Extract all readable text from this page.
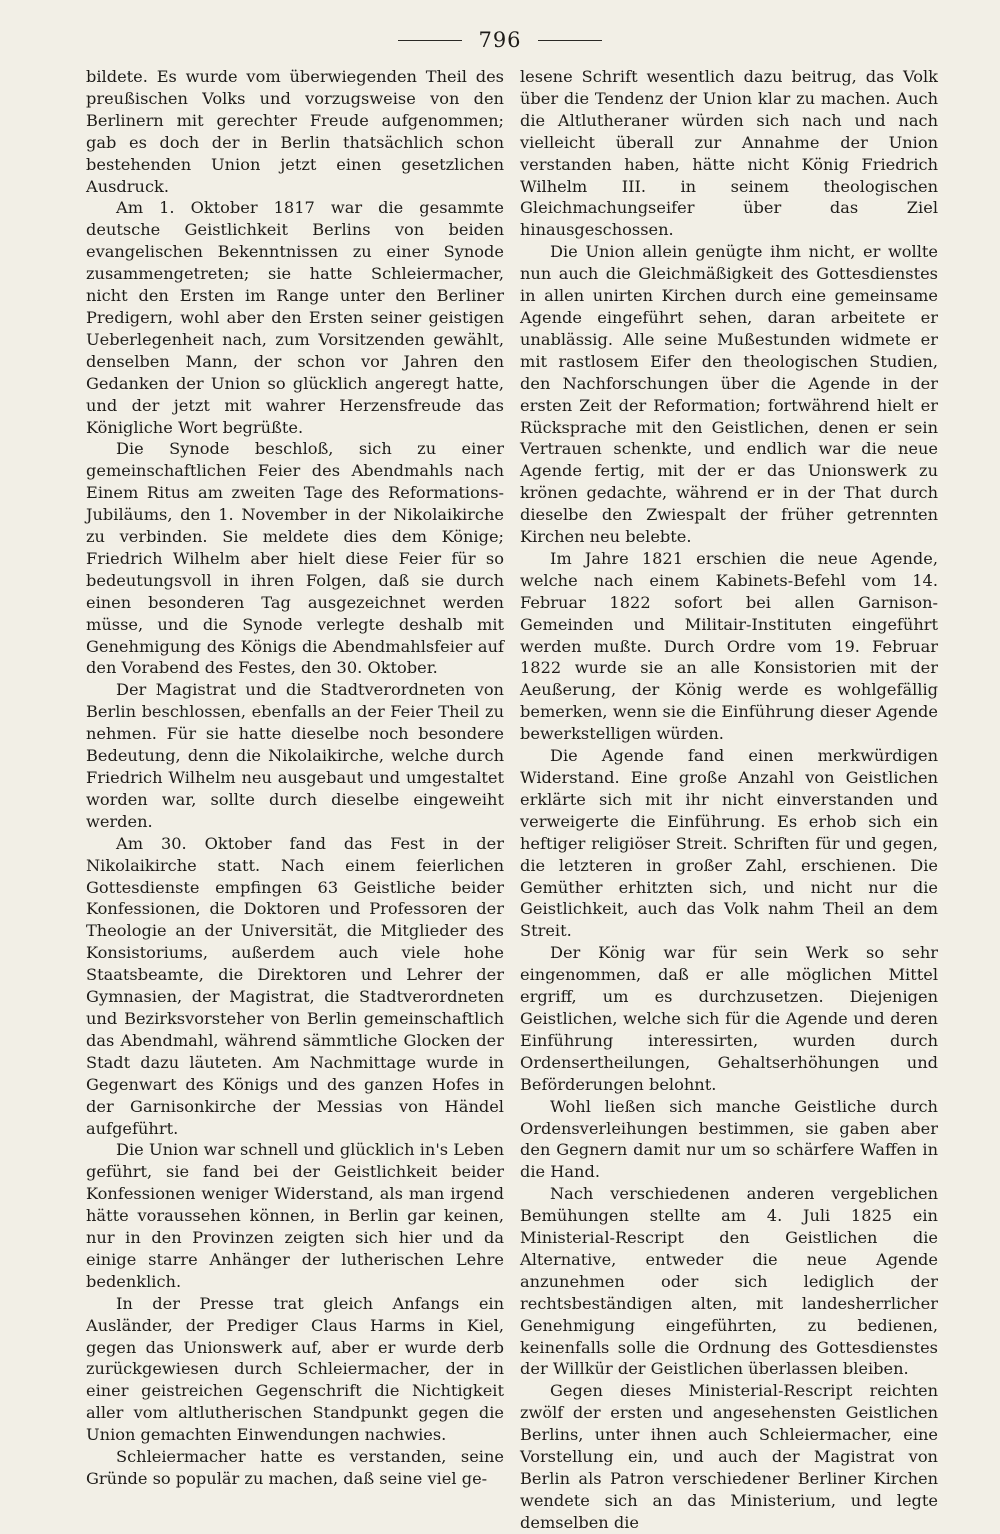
796

bildete. Es wurde vom überwiegenden Theil des preußischen Volks und vorzugsweise von den Berlinern mit gerechter Freude aufgenommen; gab es doch der in Berlin thatsächlich schon bestehenden Union jetzt einen gesetzlichen Ausdruck.

Am 1. Oktober 1817 war die gesammte deutsche Geistlichkeit Berlins von beiden evangelischen Bekenntnissen zu einer Synode zusammengetreten; sie hatte Schleiermacher, nicht den Ersten im Range unter den Berliner Predigern, wohl aber den Ersten seiner geistigen Ueberlegenheit nach, zum Vorsitzenden gewählt, denselben Mann, der schon vor Jahren den Gedanken der Union so glücklich angeregt hatte, und der jetzt mit wahrer Herzensfreude das Königliche Wort begrüßte.

Die Synode beschloß, sich zu einer gemeinschaftlichen Feier des Abendmahls nach Einem Ritus am zweiten Tage des Reformations-Jubiläums, den 1. November in der Nikolaikirche zu verbinden. Sie meldete dies dem Könige; Friedrich Wilhelm aber hielt diese Feier für so bedeutungsvoll in ihren Folgen, daß sie durch einen besonderen Tag ausgezeichnet werden müsse, und die Synode verlegte deshalb mit Genehmigung des Königs die Abendmahlsfeier auf den Vorabend des Festes, den 30. Oktober.

Der Magistrat und die Stadtverordneten von Berlin beschlossen, ebenfalls an der Feier Theil zu nehmen. Für sie hatte dieselbe noch besondere Bedeutung, denn die Nikolaikirche, welche durch Friedrich Wilhelm neu ausgebaut und umgestaltet worden war, sollte durch dieselbe eingeweiht werden.

Am 30. Oktober fand das Fest in der Nikolaikirche statt. Nach einem feierlichen Gottesdienste empfingen 63 Geistliche beider Konfessionen, die Doktoren und Professoren der Theologie an der Universität, die Mitglieder des Konsistoriums, außerdem auch viele hohe Staatsbeamte, die Direktoren und Lehrer der Gymnasien, der Magistrat, die Stadtverordneten und Bezirksvorsteher von Berlin gemeinschaftlich das Abendmahl, während sämmtliche Glocken der Stadt dazu läuteten. Am Nachmittage wurde in Gegenwart des Königs und des ganzen Hofes in der Garnisonkirche der Messias von Händel aufgeführt.

Die Union war schnell und glücklich in's Leben geführt, sie fand bei der Geistlichkeit beider Konfessionen weniger Widerstand, als man irgend hätte voraussehen können, in Berlin gar keinen, nur in den Provinzen zeigten sich hier und da einige starre Anhänger der lutherischen Lehre bedenklich.

In der Presse trat gleich Anfangs ein Ausländer, der Prediger Claus Harms in Kiel, gegen das Unionswerk auf, aber er wurde derb zurückgewiesen durch Schleiermacher, der in einer geistreichen Gegenschrift die Nichtigkeit aller vom altlutherischen Standpunkt gegen die Union gemachten Einwendungen nachwies.

Schleiermacher hatte es verstanden, seine Gründe so populär zu machen, daß seine viel ge-

lesene Schrift wesentlich dazu beitrug, das Volk über die Tendenz der Union klar zu machen. Auch die Altlutheraner würden sich nach und nach vielleicht überall zur Annahme der Union verstanden haben, hätte nicht König Friedrich Wilhelm III. in seinem theologischen Gleichmachungseifer über das Ziel hinausgeschossen.

Die Union allein genügte ihm nicht, er wollte nun auch die Gleichmäßigkeit des Gottesdienstes in allen unirten Kirchen durch eine gemeinsame Agende eingeführt sehen, daran arbeitete er unablässig. Alle seine Mußestunden widmete er mit rastlosem Eifer den theologischen Studien, den Nachforschungen über die Agende in der ersten Zeit der Reformation; fortwährend hielt er Rücksprache mit den Geistlichen, denen er sein Vertrauen schenkte, und endlich war die neue Agende fertig, mit der er das Unionswerk zu krönen gedachte, während er in der That durch dieselbe den Zwiespalt der früher getrennten Kirchen neu belebte.

Im Jahre 1821 erschien die neue Agende, welche nach einem Kabinets-Befehl vom 14. Februar 1822 sofort bei allen Garnison-Gemeinden und Militair-Instituten eingeführt werden mußte. Durch Ordre vom 19. Februar 1822 wurde sie an alle Konsistorien mit der Aeußerung, der König werde es wohlgefällig bemerken, wenn sie die Einführung dieser Agende bewerkstelligen würden.

Die Agende fand einen merkwürdigen Widerstand. Eine große Anzahl von Geistlichen erklärte sich mit ihr nicht einverstanden und verweigerte die Einführung. Es erhob sich ein heftiger religiöser Streit. Schriften für und gegen, die letzteren in großer Zahl, erschienen. Die Gemüther erhitzten sich, und nicht nur die Geistlichkeit, auch das Volk nahm Theil an dem Streit.

Der König war für sein Werk so sehr eingenommen, daß er alle möglichen Mittel ergriff, um es durchzusetzen. Diejenigen Geistlichen, welche sich für die Agende und deren Einführung interessirten, wurden durch Ordensertheilungen, Gehaltserhöhungen und Beförderungen belohnt.

Wohl ließen sich manche Geistliche durch Ordensverleihungen bestimmen, sie gaben aber den Gegnern damit nur um so schärfere Waffen in die Hand.

Nach verschiedenen anderen vergeblichen Bemühungen stellte am 4. Juli 1825 ein Ministerial-Rescript den Geistlichen die Alternative, entweder die neue Agende anzunehmen oder sich lediglich der rechtsbeständigen alten, mit landesherrlicher Genehmigung eingeführten, zu bedienen, keinenfalls solle die Ordnung des Gottesdienstes der Willkür der Geistlichen überlassen bleiben.

Gegen dieses Ministerial-Rescript reichten zwölf der ersten und angesehensten Geistlichen Berlins, unter ihnen auch Schleiermacher, eine Vorstellung ein, und auch der Magistrat von Berlin als Patron verschiedener Berliner Kirchen wendete sich an das Ministerium, und legte demselben die
